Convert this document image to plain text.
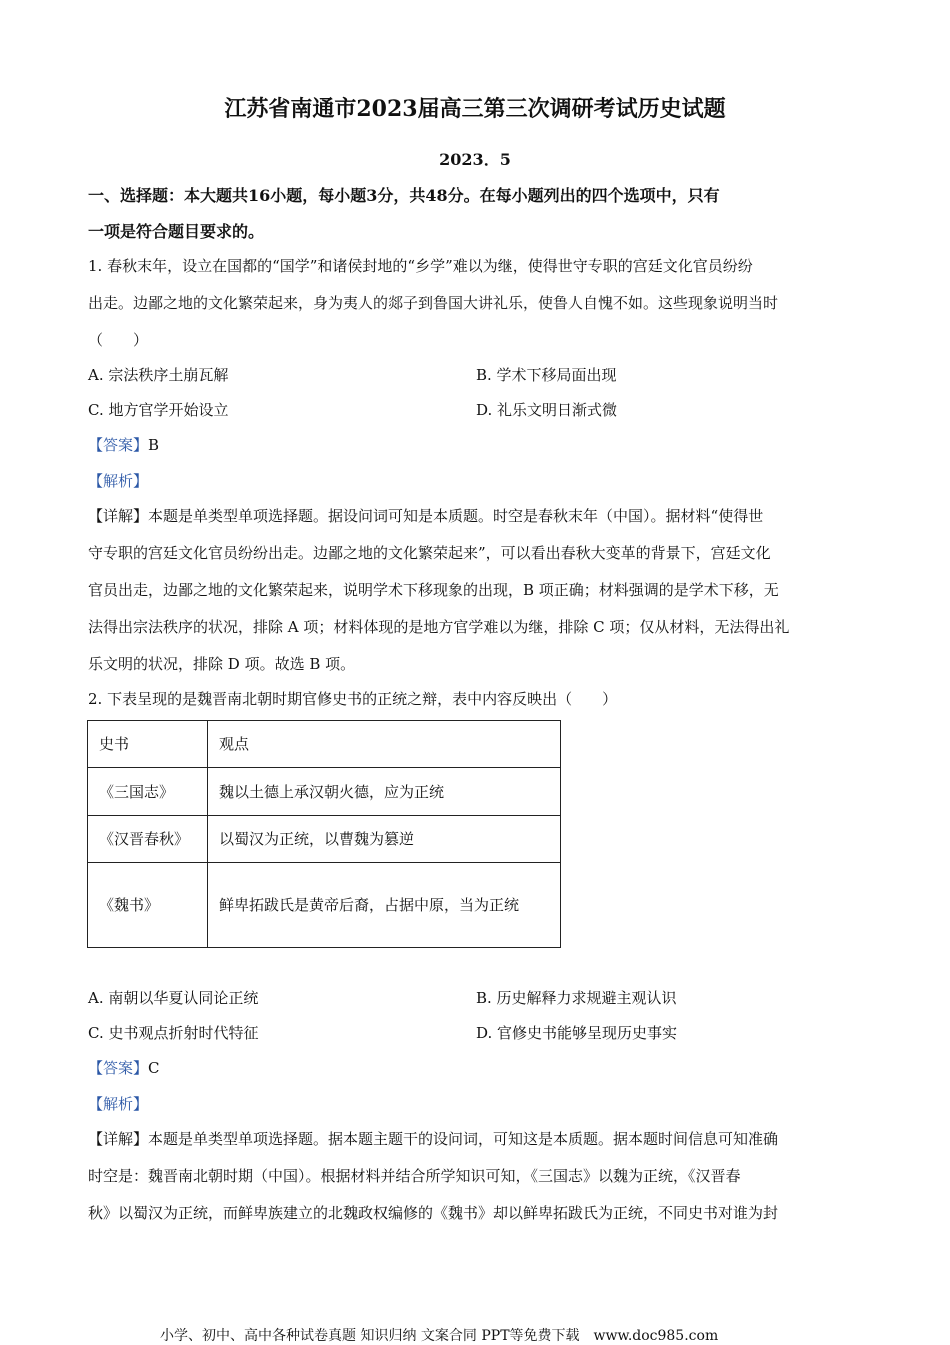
江苏省南通市2023届高三第三次调研考试历史试题
2023．5
一、选择题：本大题共16小题，每小题3分，共48分。在每小题列出的四个选项中，只有
一项是符合题目要求的。
1. 春秋末年，设立在国都的“国学”和诸侯封地的“乡学”难以为继，使得世守专职的宫廷文化官员纷纷
出走。边鄙之地的文化繁荣起来，身为夷人的郯子到鲁国大讲礼乐，使鲁人自愧不如。这些现象说明当时
（　　）
A. 宗法秩序土崩瓦解	B. 学术下移局面出现
C. 地方官学开始设立	D. 礼乐文明日渐式微
【答案】B
【解析】
【详解】本题是单类型单项选择题。据设问词可知是本质题。时空是春秋末年（中国）。据材料“使得世
守专职的宫廷文化官员纷纷出走。边鄙之地的文化繁荣起来”，可以看出春秋大变革的背景下，宫廷文化
官员出走，边鄙之地的文化繁荣起来，说明学术下移现象的出现，B 项正确；材料强调的是学术下移，无
法得出宗法秩序的状况，排除 A 项；材料体现的是地方官学难以为继，排除 C 项；仅从材料，无法得出礼
乐文明的状况，排除 D 项。故选 B 项。
2. 下表呈现的是魏晋南北朝时期官修史书的正统之辩，表中内容反映出（　　）
史书	观点
《三国志》	魏以土德上承汉朝火德，应为正统
《汉晋春秋》	以蜀汉为正统，以曹魏为篡逆
《魏书》	鲜卑拓跋氏是黄帝后裔，占据中原，当为正统
A. 南朝以华夏认同论正统	B. 历史解释力求规避主观认识
C. 史书观点折射时代特征	D. 官修史书能够呈现历史事实
【答案】C
【解析】
【详解】本题是单类型单项选择题。据本题主题干的设问词，可知这是本质题。据本题时间信息可知准确
时空是：魏晋南北朝时期（中国）。根据材料并结合所学知识可知，《三国志》以魏为正统，《汉晋春
秋》以蜀汉为正统，而鲜卑族建立的北魏政权编修的《魏书》却以鲜卑拓跋氏为正统，不同史书对谁为封
小学、初中、高中各种试卷真题 知识归纳 文案合同 PPT等免费下载　www.doc985.com
